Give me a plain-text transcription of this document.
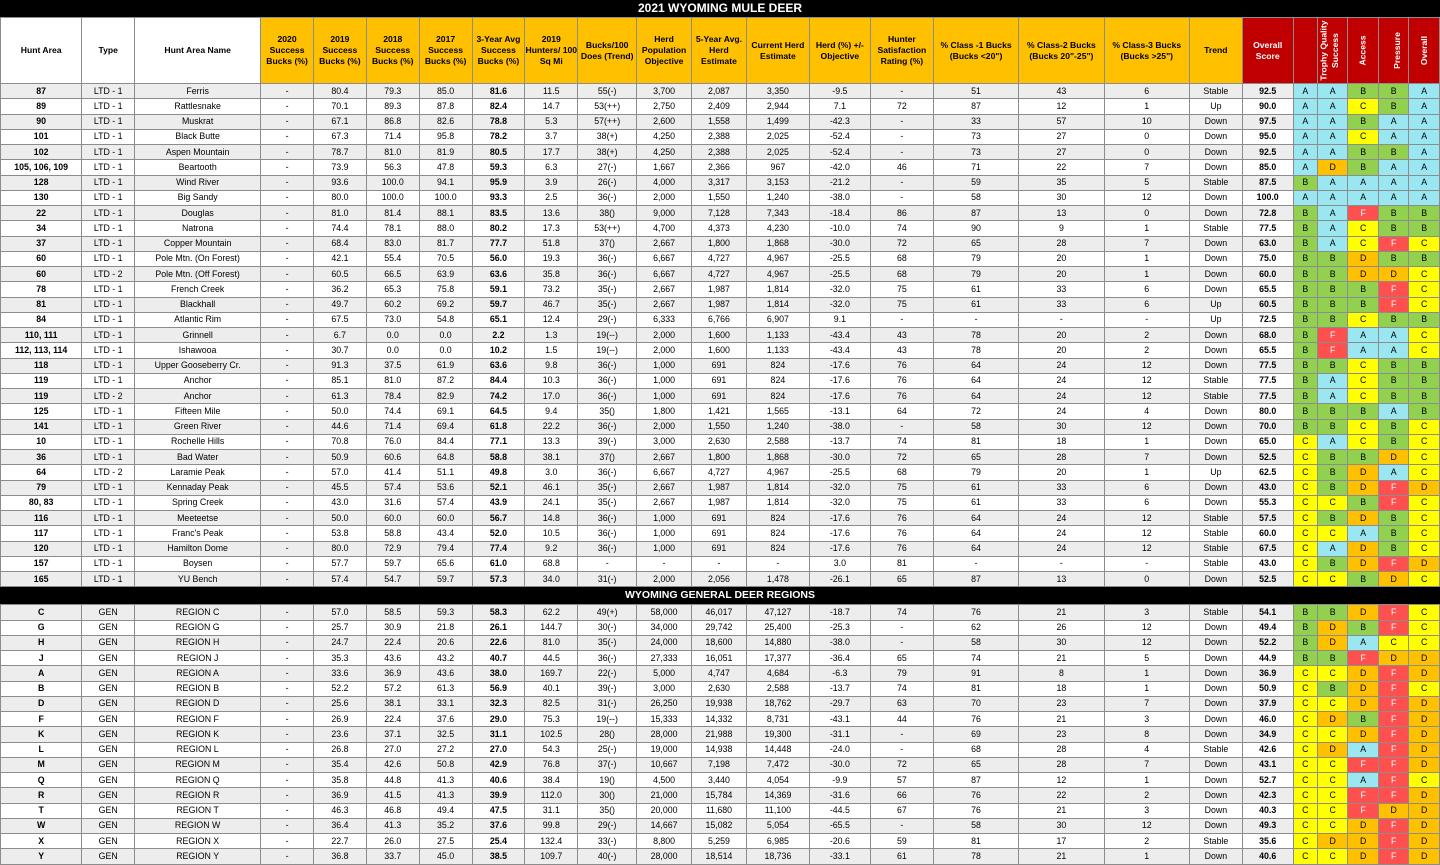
2021 WYOMING MULE DEER
Hunt Area	Type	Hunt Area Name	2020 Success Bucks (%)	2019 Success Bucks (%)	2018 Success Bucks (%)	2017 Success Bucks (%)	3-Year Avg Success Bucks (%)	2019 Hunters/ 100 Sq Mi	Bucks/100 Does (Trend)	Herd Population Objective	5-Year Avg. Herd Estimate	Current Herd Estimate	Herd (%) +/- Objective	Hunter Satisfaction Rating (%)	% Class -1 Bucks (Bucks <20")	% Class-2 Bucks (Bucks 20"-25")	% Class-3 Bucks (Bucks >25")	Trend	Overall Score	Trophy Quality	Success	Access	Pressure	Overall
87	LTD - 1	Ferris	-	80.4	79.3	85.0	81.6	11.5	55(-)	3,700	2,087	3,350	-9.5	-	51	43	6	Stable	92.5	A	A	B	B	A
89	LTD - 1	Rattlesnake	-	70.1	89.3	87.8	82.4	14.7	53(++)	2,750	2,409	2,944	7.1	72	87	12	1	Up	90.0	A	A	C	B	A
90	LTD - 1	Muskrat	-	67.1	86.8	82.6	78.8	5.3	57(++)	2,600	1,558	1,499	-42.3	-	33	57	10	Down	97.5	A	A	B	A	A
101	LTD - 1	Black Butte	-	67.3	71.4	95.8	78.2	3.7	38(+)	4,250	2,388	2,025	-52.4	-	73	27	0	Down	95.0	A	A	C	A	A
102	LTD - 1	Aspen Mountain	-	78.7	81.0	81.9	80.5	17.7	38(+)	4,250	2,388	2,025	-52.4	-	73	27	0	Down	92.5	A	A	B	B	A
105, 106, 109	LTD - 1	Beartooth	-	73.9	56.3	47.8	59.3	6.3	27(-)	1,667	2,366	967	-42.0	46	71	22	7	Down	85.0	A	D	B	A	A
128	LTD - 1	Wind River	-	93.6	100.0	94.1	95.9	3.9	26(-)	4,000	3,317	3,153	-21.2	-	59	35	5	Stable	87.5	B	A	A	A	A
130	LTD - 1	Big Sandy	-	80.0	100.0	100.0	93.3	2.5	36(-)	2,000	1,550	1,240	-38.0	-	58	30	12	Down	100.0	A	A	A	A	A
22	LTD - 1	Douglas	-	81.0	81.4	88.1	83.5	13.6	38()	9,000	7,128	7,343	-18.4	86	87	13	0	Down	72.8	B	A	F	B	B
34	LTD - 1	Natrona	-	74.4	78.1	88.0	80.2	17.3	53(++)	4,700	4,373	4,230	-10.0	74	90	9	1	Stable	77.5	B	A	C	B	B
37	LTD - 1	Copper Mountain	-	68.4	83.0	81.7	77.7	51.8	37()	2,667	1,800	1,868	-30.0	72	65	28	7	Down	63.0	B	A	C	F	C
60	LTD - 1	Pole Mtn. (On Forest)	-	42.1	55.4	70.5	56.0	19.3	36(-)	6,667	4,727	4,967	-25.5	68	79	20	1	Down	75.0	B	B	D	B	B
60	LTD - 2	Pole Mtn. (Off Forest)	-	60.5	66.5	63.9	63.6	35.8	36(-)	6,667	4,727	4,967	-25.5	68	79	20	1	Down	60.0	B	B	D	D	C
78	LTD - 1	French Creek	-	36.2	65.3	75.8	59.1	73.2	35(-)	2,667	1,987	1,814	-32.0	75	61	33	6	Down	65.5	B	B	B	F	C
81	LTD - 1	Blackhall	-	49.7	60.2	69.2	59.7	46.7	35(-)	2,667	1,987	1,814	-32.0	75	61	33	6	Up	60.5	B	B	B	F	C
84	LTD - 1	Atlantic Rim	-	67.5	73.0	54.8	65.1	12.4	29(-)	6,333	6,766	6,907	9.1	-	-	-	-	Up	72.5	B	B	C	B	B
110, 111	LTD - 1	Grinnell	-	6.7	0.0	0.0	2.2	1.3	19(--)	2,000	1,600	1,133	-43.4	43	78	20	2	Down	68.0	B	F	A	A	C
112, 113, 114	LTD - 1	Ishawooa	-	30.7	0.0	0.0	10.2	1.5	19(--)	2,000	1,600	1,133	-43.4	43	78	20	2	Down	65.5	B	F	A	A	C
118	LTD - 1	Upper Gooseberry Cr.	-	91.3	37.5	61.9	63.6	9.8	36(-)	1,000	691	824	-17.6	76	64	24	12	Down	77.5	B	B	C	B	B
119	LTD - 1	Anchor	-	85.1	81.0	87.2	84.4	10.3	36(-)	1,000	691	824	-17.6	76	64	24	12	Stable	77.5	B	A	C	B	B
119	LTD - 2	Anchor	-	61.3	78.4	82.9	74.2	17.0	36(-)	1,000	691	824	-17.6	76	64	24	12	Stable	77.5	B	A	C	B	B
125	LTD - 1	Fifteen Mile	-	50.0	74.4	69.1	64.5	9.4	35()	1,800	1,421	1,565	-13.1	64	72	24	4	Down	80.0	B	B	B	A	B
141	LTD - 1	Green River	-	44.6	71.4	69.4	61.8	22.2	36(-)	2,000	1,550	1,240	-38.0	-	58	30	12	Down	70.0	B	B	C	B	C
10	LTD - 1	Rochelle Hills	-	70.8	76.0	84.4	77.1	13.3	39(-)	3,000	2,630	2,588	-13.7	74	81	18	1	Down	65.0	C	A	C	B	C
36	LTD - 1	Bad Water	-	50.9	60.6	64.8	58.8	38.1	37()	2,667	1,800	1,868	-30.0	72	65	28	7	Down	52.5	C	B	B	D	C
64	LTD - 2	Laramie Peak	-	57.0	41.4	51.1	49.8	3.0	36(-)	6,667	4,727	4,967	-25.5	68	79	20	1	Up	62.5	C	B	D	A	C
79	LTD - 1	Kennaday Peak	-	45.5	57.4	53.6	52.1	46.1	35(-)	2,667	1,987	1,814	-32.0	75	61	33	6	Down	43.0	C	B	D	F	D
80, 83	LTD - 1	Spring Creek	-	43.0	31.6	57.4	43.9	24.1	35(-)	2,667	1,987	1,814	-32.0	75	61	33	6	Down	55.3	C	C	B	F	C
116	LTD - 1	Meeteetse	-	50.0	60.0	60.0	56.7	14.8	36(-)	1,000	691	824	-17.6	76	64	24	12	Stable	57.5	C	B	D	B	C
117	LTD - 1	Franc's Peak	-	53.8	58.8	43.4	52.0	10.5	36(-)	1,000	691	824	-17.6	76	64	24	12	Stable	60.0	C	C	A	B	C
120	LTD - 1	Hamilton Dome	-	80.0	72.9	79.4	77.4	9.2	36(-)	1,000	691	824	-17.6	76	64	24	12	Stable	67.5	C	A	D	B	C
157	LTD - 1	Boysen	-	57.7	59.7	65.6	61.0	68.8	-	-	-	-	3.0	81	-	-	-	Stable	43.0	C	B	D	F	D
165	LTD - 1	YU Bench	-	57.4	54.7	59.7	57.3	34.0	31(-)	2,000	2,056	1,478	-26.1	65	87	13	0	Down	52.5	C	C	B	D	C
WYOMING GENERAL DEER REGIONS
C	GEN	REGION C	-	57.0	58.5	59.3	58.3	62.2	49(+)	58,000	46,017	47,127	-18.7	74	76	21	3	Stable	54.1	B	B	D	F	C
G	GEN	REGION G	-	25.7	30.9	21.8	26.1	144.7	30(-)	34,000	29,742	25,400	-25.3	-	62	26	12	Down	49.4	B	D	B	F	C
H	GEN	REGION H	-	24.7	22.4	20.6	22.6	81.0	35(-)	24,000	18,600	14,880	-38.0	-	58	30	12	Down	52.2	B	D	A	C	C
J	GEN	REGION J	-	35.3	43.6	43.2	40.7	44.5	36(-)	27,333	16,051	17,377	-36.4	65	74	21	5	Down	44.9	B	B	F	D	D
A	GEN	REGION A	-	33.6	36.9	43.6	38.0	169.7	22(-)	5,000	4,747	4,684	-6.3	79	91	8	1	Down	36.9	C	C	D	F	D
B	GEN	REGION B	-	52.2	57.2	61.3	56.9	40.1	39(-)	3,000	2,630	2,588	-13.7	74	81	18	1	Down	50.9	C	B	D	F	C
D	GEN	REGION D	-	25.6	38.1	33.1	32.3	82.5	31(-)	26,250	19,938	18,762	-29.7	63	70	23	7	Down	37.9	C	C	D	F	D
F	GEN	REGION F	-	26.9	22.4	37.6	29.0	75.3	19(--)	15,333	14,332	8,731	-43.1	44	76	21	3	Down	46.0	C	D	B	F	D
K	GEN	REGION K	-	23.6	37.1	32.5	31.1	102.5	28()	28,000	21,988	19,300	-31.1	-	69	23	8	Down	34.9	C	C	D	F	D
L	GEN	REGION L	-	26.8	27.0	27.2	27.0	54.3	25(-)	19,000	14,938	14,448	-24.0	-	68	28	4	Stable	42.6	C	D	A	F	D
M	GEN	REGION M	-	35.4	42.6	50.8	42.9	76.8	37(-)	10,667	7,198	7,472	-30.0	72	65	28	7	Down	43.1	C	C	F	F	D
Q	GEN	REGION Q	-	35.8	44.8	41.3	40.6	38.4	19()	4,500	3,440	4,054	-9.9	57	87	12	1	Down	52.7	C	C	A	F	C
R	GEN	REGION R	-	36.9	41.5	41.3	39.9	112.0	30()	21,000	15,784	14,369	-31.6	66	76	22	2	Down	42.3	C	C	F	F	D
T	GEN	REGION T	-	46.3	46.8	49.4	47.5	31.1	35()	20,000	11,680	11,100	-44.5	67	76	21	3	Down	40.3	C	C	F	D	D
W	GEN	REGION W	-	36.4	41.3	35.2	37.6	99.8	29(-)	14,667	15,082	5,054	-65.5	-	58	30	12	Down	49.3	C	C	D	F	D
X	GEN	REGION X	-	22.7	26.0	27.5	25.4	132.4	33(-)	8,800	5,259	6,985	-20.6	59	81	17	2	Stable	35.6	C	D	D	F	D
Y	GEN	REGION Y	-	36.8	33.7	45.0	38.5	109.7	40(-)	28,000	18,514	18,736	-33.1	61	78	21	1	Down	40.6	C	C	D	F	D
